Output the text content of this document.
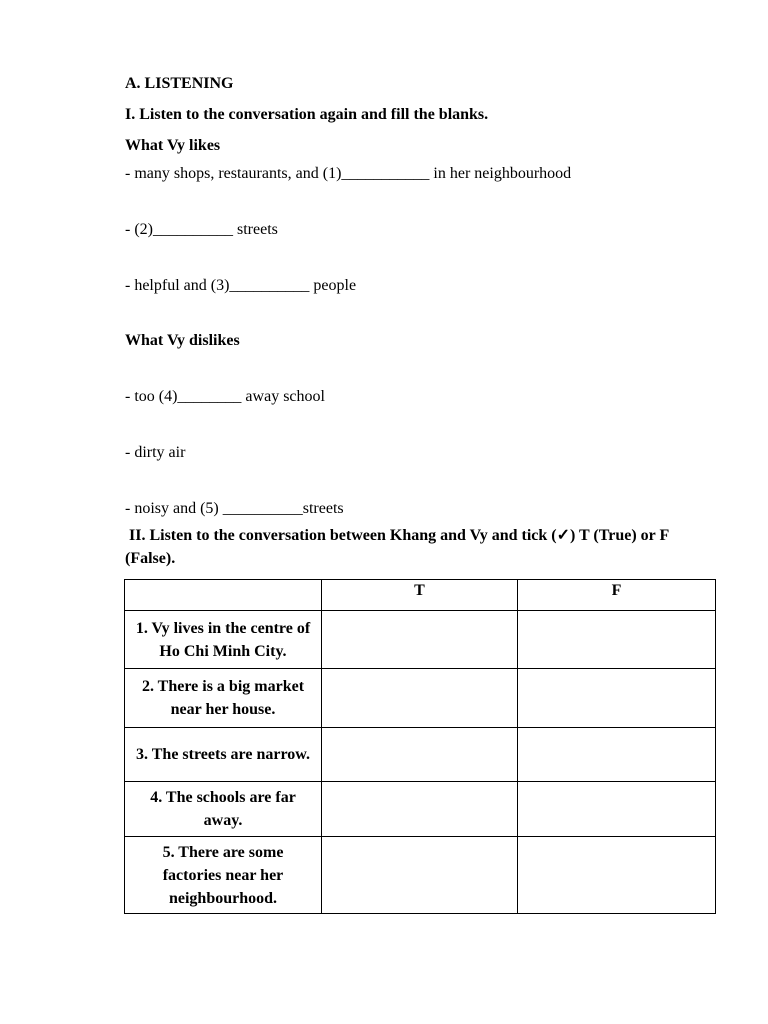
A. LISTENING
I. Listen to the conversation again and fill the blanks.
What Vy likes
- many shops, restaurants, and (1)___________ in her neighbourhood
- (2)__________ streets
- helpful and (3)__________ people
What Vy dislikes
- too (4)________ away school
- dirty air
- noisy and (5) __________streets
II. Listen to the conversation between Khang and Vy and tick (✓) T (True) or F (False).
	T	F
1. Vy lives in the centre of Ho Chi Minh City.		
2. There is a big market near her house.		
3. The streets are narrow.		
4. The schools are far away.		
5. There are some factories near her neighbourhood.		
